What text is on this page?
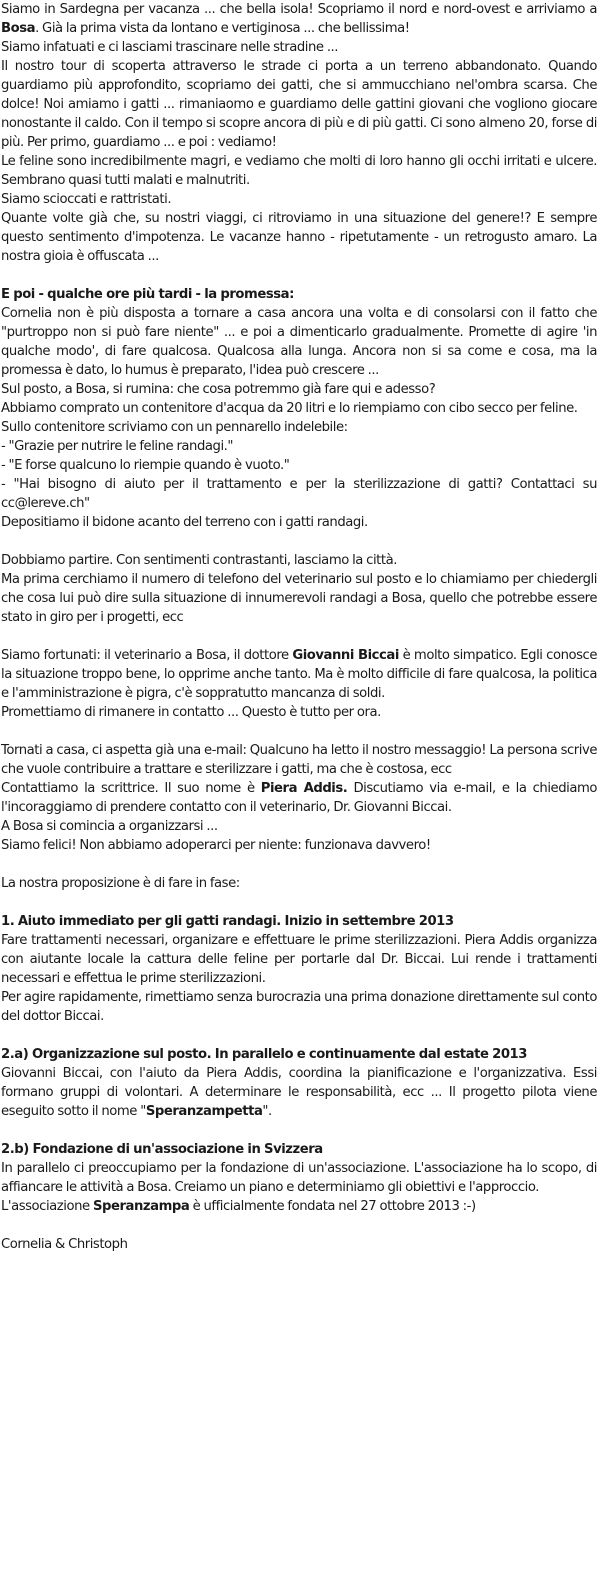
Siamo in Sardegna per vacanza ... che bella isola! Scopriamo il nord e nord-ovest e arriviamo a Bosa. Già la prima vista da lontano e vertiginosa ... che bellissima!

Siamo infatuati e ci lasciami trascinare nelle stradine ...

Il nostro tour di scoperta attraverso le strade ci porta a un terreno abbandonato. Quando guardiamo più approfondito, scopriamo dei gatti, che si ammucchiano nel'ombra scarsa. Che dolce! Noi amiamo i gatti ... rimaniaomo e guardiamo delle gattini giovani che vogliono giocare nonostante il caldo. Con il tempo si scopre ancora di più e di più gatti. Ci sono almeno 20, forse di più. Per primo, guardiamo ... e poi : vediamo!

Le feline sono incredibilmente magri, e vediamo che molti di loro hanno gli occhi irritati e ulcere. Sembrano quasi tutti malati e malnutriti.

Siamo scioccati e rattristati.

Quante volte già che, su nostri viaggi, ci ritroviamo in una situazione del genere!? E sempre questo sentimento d'impotenza. Le vacanze hanno - ripetutamente - un retrogusto amaro. La nostra gioia è offuscata ...

E poi - qualche ore più tardi - la promessa:

Cornelia non è più disposta a tornare a casa ancora una volta e di consolarsi con il fatto che "purtroppo non si può fare niente" ... e poi a dimenticarlo gradualmente. Promette di agire 'in qualche modo', di fare qualcosa. Qualcosa alla lunga. Ancora non si sa come e cosa, ma la promessa è dato, lo humus è preparato, l'idea può crescere ...

Sul posto, a Bosa, si rumina: che cosa potremmo già fare qui e adesso?

Abbiamo comprato un contenitore d'acqua da 20 litri e lo riempiamo con cibo secco per feline.

Sullo contenitore scriviamo con un pennarello indelebile:

- "Grazie per nutrire le feline randagi."

- "E forse qualcuno lo riempie quando è vuoto."

- "Hai bisogno di aiuto per il trattamento e per la sterilizzazione di gatti? Contattaci su cc@lereve.ch"

Depositiamo il bidone acanto del terreno con i gatti randagi.

Dobbiamo partire. Con sentimenti contrastanti, lasciamo la città.

Ma prima cerchiamo il numero di telefono del veterinario sul posto e lo chiamiamo per chiedergli che cosa lui può dire sulla situazione di innumerevoli randagi a Bosa, quello che potrebbe essere stato in giro per i progetti, ecc

Siamo fortunati: il veterinario a Bosa, il dottore Giovanni Biccai è molto simpatico. Egli conosce la situazione troppo bene, lo opprime anche tanto. Ma è molto difficile di fare qualcosa, la politica e l'amministrazione è pigra, c'è soppratutto mancanza di soldi.

Promettiamo di rimanere in contatto ... Questo è tutto per ora.

Tornati a casa, ci aspetta già una e-mail: Qualcuno ha letto il nostro messaggio! La persona scrive che vuole contribuire a trattare e sterilizzare i gatti, ma che è costosa, ecc

Contattiamo la scrittrice. Il suo nome è Piera Addis. Discutiamo via e-mail, e la chiediamo l'incoraggiamo di prendere contatto con il veterinario, Dr. Giovanni Biccai.

A Bosa si comincia a organizzarsi ...

Siamo felici! Non abbiamo adoperarci per niente: funzionava davvero!

La nostra proposizione è di fare in fase:

1. Aiuto immediato per gli gatti randagi. Inizio in settembre 2013

Fare trattamenti necessari, organizare e effettuare le prime sterilizzazioni. Piera Addis organizza con aiutante locale la cattura delle feline per portarle dal Dr. Biccai. Lui rende i trattamenti necessari e effettua le prime sterilizzazioni.

Per agire rapidamente, rimettiamo senza burocrazia una prima donazione direttamente sul conto del dottor Biccai.

2.a) Organizzazione sul posto. In parallelo e continuamente dal estate 2013

Giovanni Biccai, con l'aiuto da Piera Addis, coordina la pianificazione e l'organizzativa. Essi formano gruppi di volontari. A determinare le responsabilità, ecc ... Il progetto pilota viene eseguito sotto il nome "Speranzampetta".

2.b) Fondazione di un'associazione in Svizzera

In parallelo ci preoccupiamo per la fondazione di un'associazione. L'associazione ha lo scopo, di affiancare le attività a Bosa. Creiamo un piano e determiniamo gli obiettivi e l'approccio.

L'associazione Speranzampa è ufficialmente fondata nel 27 ottobre 2013 :-)

Cornelia & Christoph
